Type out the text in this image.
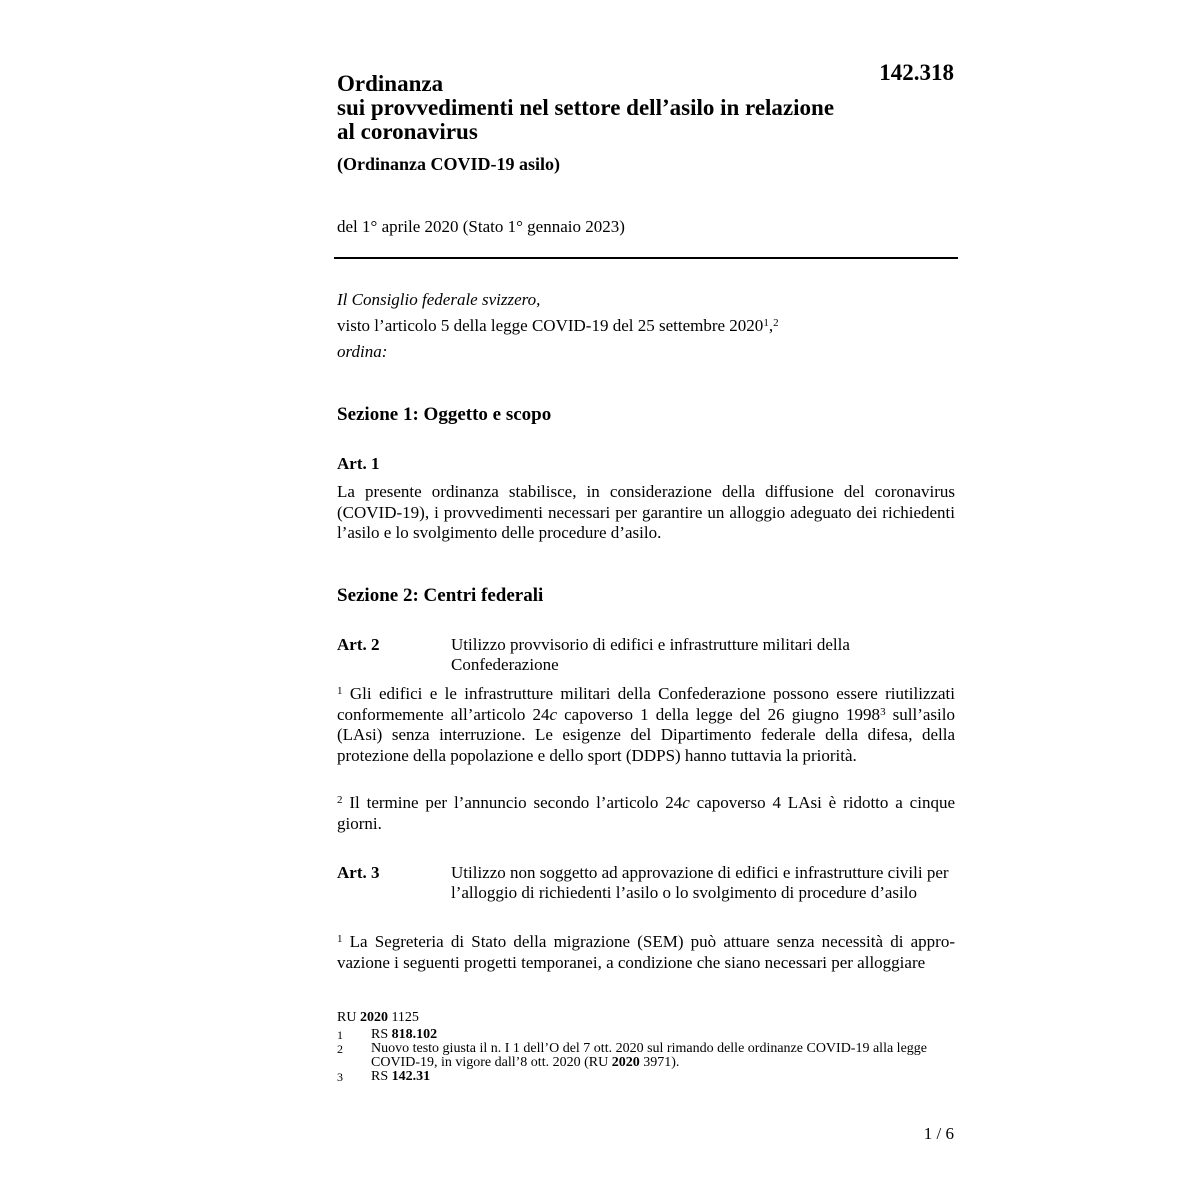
142.318
Ordinanza
sui provvedimenti nel settore dell’asilo in relazione
al coronavirus
(Ordinanza COVID-19 asilo)
del 1° aprile 2020 (Stato 1° gennaio 2023)
Il Consiglio federale svizzero,
visto l’articolo 5 della legge COVID-19 del 25 settembre 2020$^1$,$^2$
ordina:
Sezione 1: Oggetto e scopo
Art. 1
La presente ordinanza stabilisce, in considerazione della diffusione del coronavirus (COVID-19), i provvedimenti necessari per garantire un alloggio adeguato dei richiedenti l’asilo e lo svolgimento delle procedure d’asilo.
Sezione 2: Centri federali
Art. 2	Utilizzo provvisorio di edifici e infrastrutture militari della Confederazione
$^1$ Gli edifici e le infrastrutture militari della Confederazione possono essere riutilizzati conformemente all’articolo 24c capoverso 1 della legge del 26 giugno 1998$^3$ sull’asilo (LAsi) senza interruzione. Le esigenze del Dipartimento federale della difesa, della protezione della popolazione e dello sport (DDPS) hanno tuttavia la priorità.
$^2$ Il termine per l’annuncio secondo l’articolo 24c capoverso 4 LAsi è ridotto a cinque giorni.
Art. 3	Utilizzo non soggetto ad approvazione di edifici e infrastrutture civili per l’alloggio di richiedenti l’asilo o lo svolgimento di procedure d’asilo
$^1$ La Segreteria di Stato della migrazione (SEM) può attuare senza necessità di approvazione i seguenti progetti temporanei, a condizione che siano necessari per alloggiare
RU 2020 1125
1	RS 818.102
2	Nuovo testo giusta il n. I 1 dell’O del 7 ott. 2020 sul rimando delle ordinanze COVID-19 alla legge COVID-19, in vigore dall’8 ott. 2020 (RU 2020 3971).
3	RS 142.31
1 / 6
